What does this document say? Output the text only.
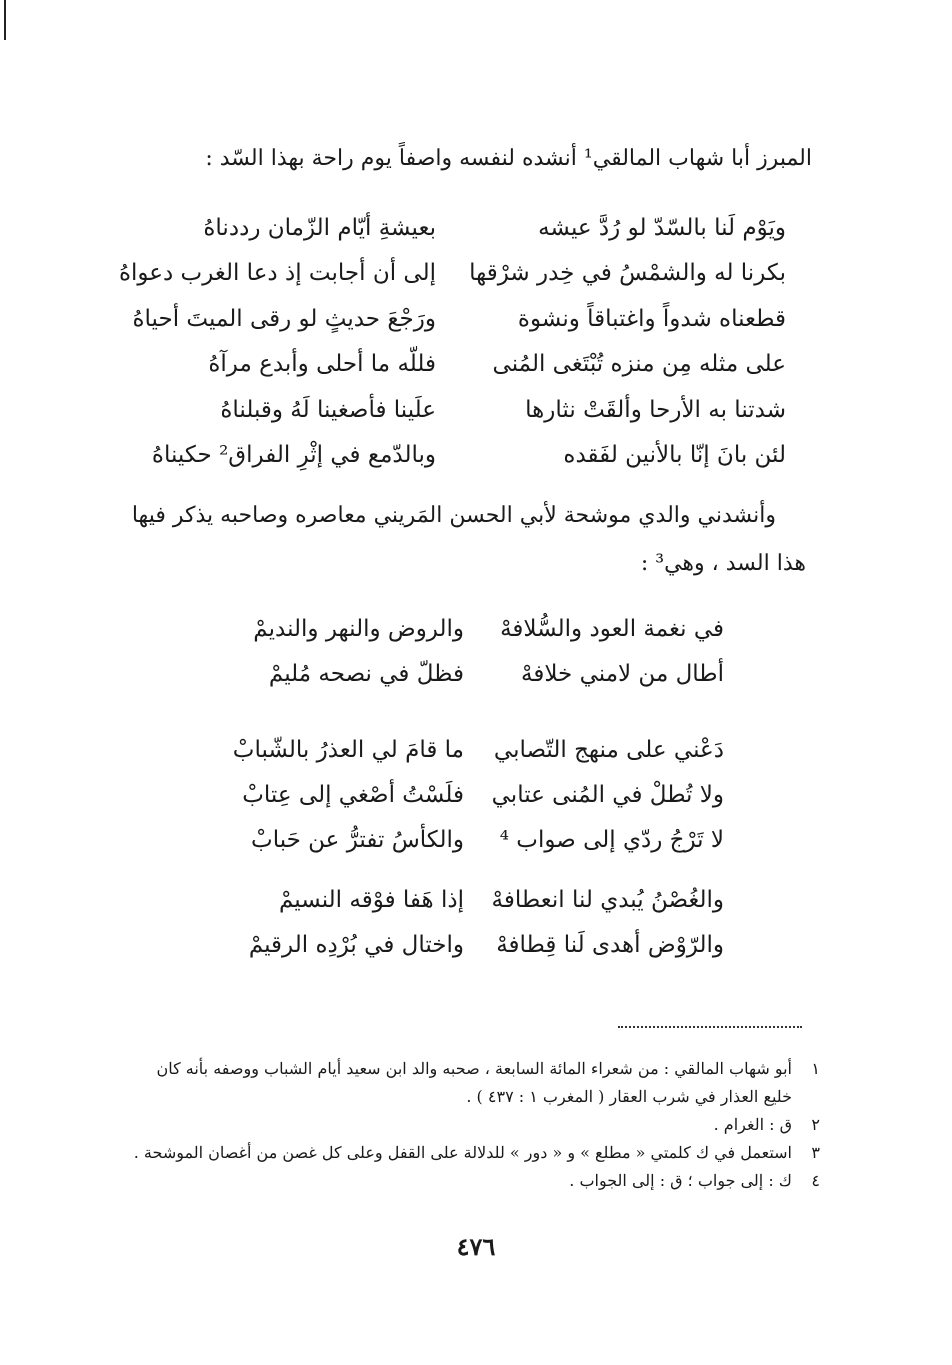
المبرز أبا شهاب المالقي¹ أنشده لنفسه واصفاً يوم راحة بهذا السّد :
ويَوْم لَنا بالسّدّ لو رُدَّ عيشه
بعيشةِ أيّام الزّمان رددناهُ
بكرنا له والشمْسُ في خِدر شرْقها
إلى أن أجابت إذ دعا الغرب دعواهُ
قطعناه شدواً واغتباقاً ونشوة
ورَجْعَ حديثٍ لو رقى الميتَ أحياهُ
على مثله مِن منزه تُبْتَغى المُنى
فللّه ما أحلى وأبدع مرآهُ
شدتنا به الأرحا وألقَتْ نثارها
علَينا فأصغينا لَهُ وقبلناهُ
لئن بانَ إنّا بالأنين لفَقده
وبالدّمع في إثْرِ الفراق² حكيناهُ
وأنشدني والدي موشحة لأبي الحسن المَريني معاصره وصاحبه يذكر فيها
هذا السد ، وهي³ :
في نغمة العود والسُّلافهْ
والروض والنهر والنديمْ
أطال من لامني خلافهْ
فظلّ في نصحه مُليمْ
دَعْني على منهج التّصابي
ما قامَ لي العذرُ بالشّبابْ
ولا تُطلْ في المُنى عتابي
فلَسْتُ أصْغي إلى عِتابْ
لا تَرْجُ ردّي إلى صواب ⁴
والكأسُ تفترُّ عن حَبابْ
والغُصْنُ يُبدي لنا انعطافهْ
إذا هَفا فوْقه النسيمْ
والرّوْض أهدى لَنا قِطافهْ
واختال في بُرْدِه الرقيمْ
١
أبو شهاب المالقي : من شعراء المائة السابعة ، صحبه والد ابن سعيد أيام الشباب ووصفه بأنه كان خليع العذار في شرب العقار ( المغرب ١ : ٤٣٧ ) .
٢
ق : الغرام .
٣
استعمل في ك كلمتي « مطلع » و « دور » للدلالة على القفل وعلى كل غصن من أغصان الموشحة .
٤
ك : إلى جواب ؛ ق : إلى الجواب .
٤٧٦
